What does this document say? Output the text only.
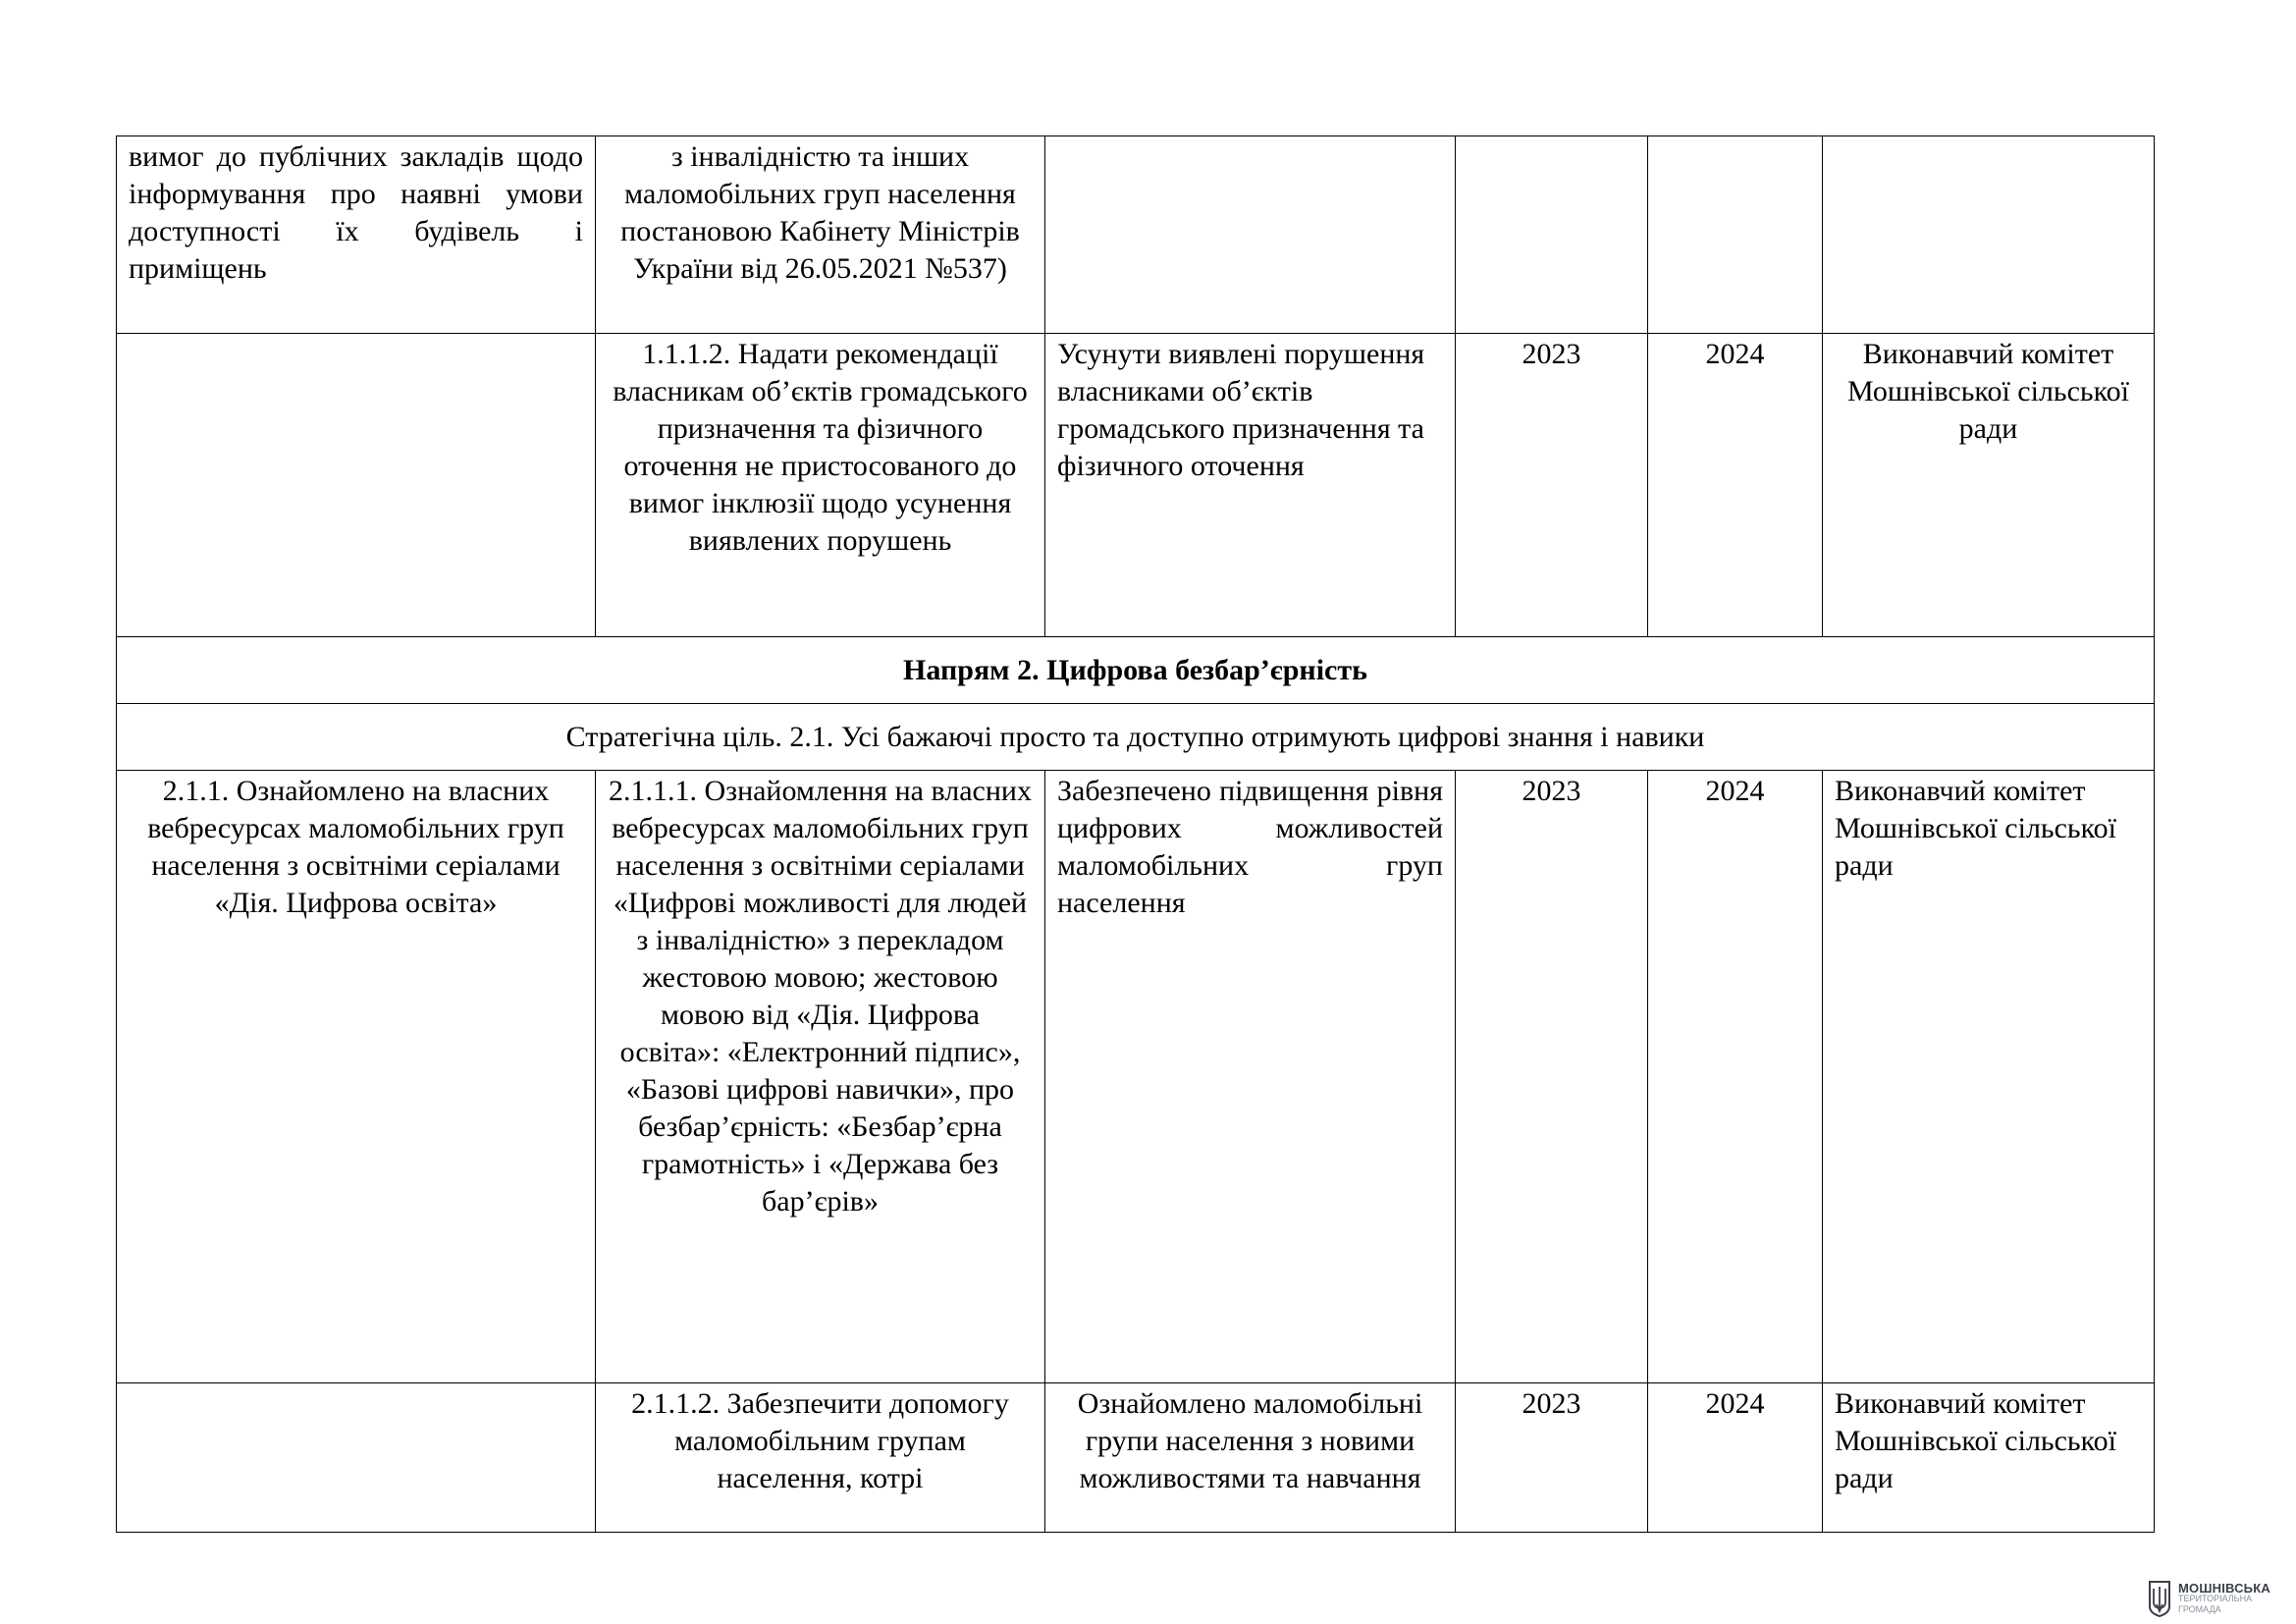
вимог до публічних закладів щодо інформування про наявні умови доступності їх будівель і приміщень	з інвалідністю та інших маломобільних груп населення постановою Кабінету Міністрів України від 26.05.2021 №537)				
	1.1.1.2. Надати рекомендації власникам об’єктів громадського призначення та фізичного оточення не пристосованого до вимог інклюзії щодо усунення виявлених порушень	Усунути виявлені порушення власниками об’єктів громадського призначення та фізичного оточення	2023	2024	Виконавчий комітет Мошнівської сільської ради
Напрям 2. Цифрова безбар’єрність					
Стратегічна ціль. 2.1. Усі бажаючі просто та доступно отримують цифрові знання і навики					
2.1.1. Ознайомлено на власних вебресурсах маломобільних груп населення з освітніми серіалами «Дія. Цифрова освіта»	2.1.1.1. Ознайомлення на власних вебресурсах маломобільних груп населення з освітніми серіалами «Цифрові можливості для людей з інвалідністю» з перекладом жестовою мовою; жестовою мовою від «Дія. Цифрова освіта»: «Електронний підпис», «Базові цифрові навички», про безбар’єрність: «Безбар’єрна грамотність» і «Держава без бар’єрів»	Забезпечено підвищення рівня цифрових можливостей маломобільних груп населення	2023	2024	Виконавчий комітет Мошнівської сільської ради
	2.1.1.2. Забезпечити допомогу маломобільним групам населення, котрі	Ознайомлено маломобільні групи населення з новими можливостями та навчання	2023	2024	Виконавчий комітет Мошнівської сільської ради
МОШНІВСЬКА
ТЕРИТОРІАЛЬНА
ГРОМАДА
